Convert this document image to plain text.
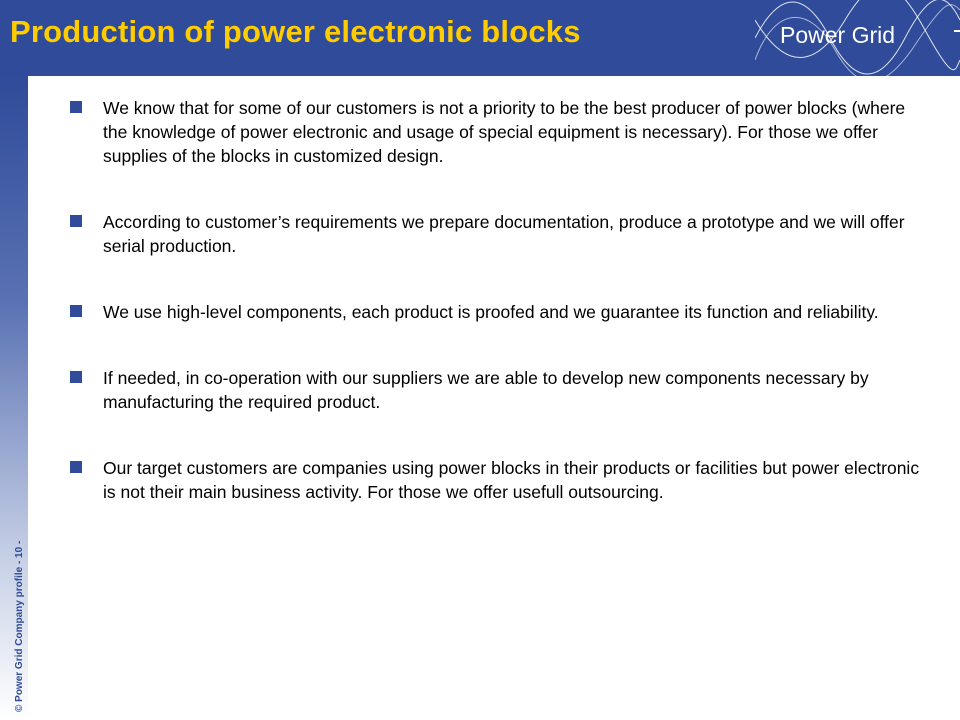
Production of power electronic blocks	Power Grid
© Power Grid Company profile - 10 -
We know that for some of our customers is not a priority to be the best producer of power blocks (where the knowledge of power electronic and usage of special equipment is necessary). For those we offer supplies of the blocks in customized design.
According to customer’s requirements we prepare documentation, produce a prototype and we will offer serial production.
We use high-level components, each product is proofed and we guarantee its function and reliability.
If needed, in co-operation with our suppliers we are able to develop new components necessary by manufacturing the required product.
Our target customers are companies using power blocks in their products or facilities but power electronic is not their main business activity. For those we offer usefull outsourcing.
